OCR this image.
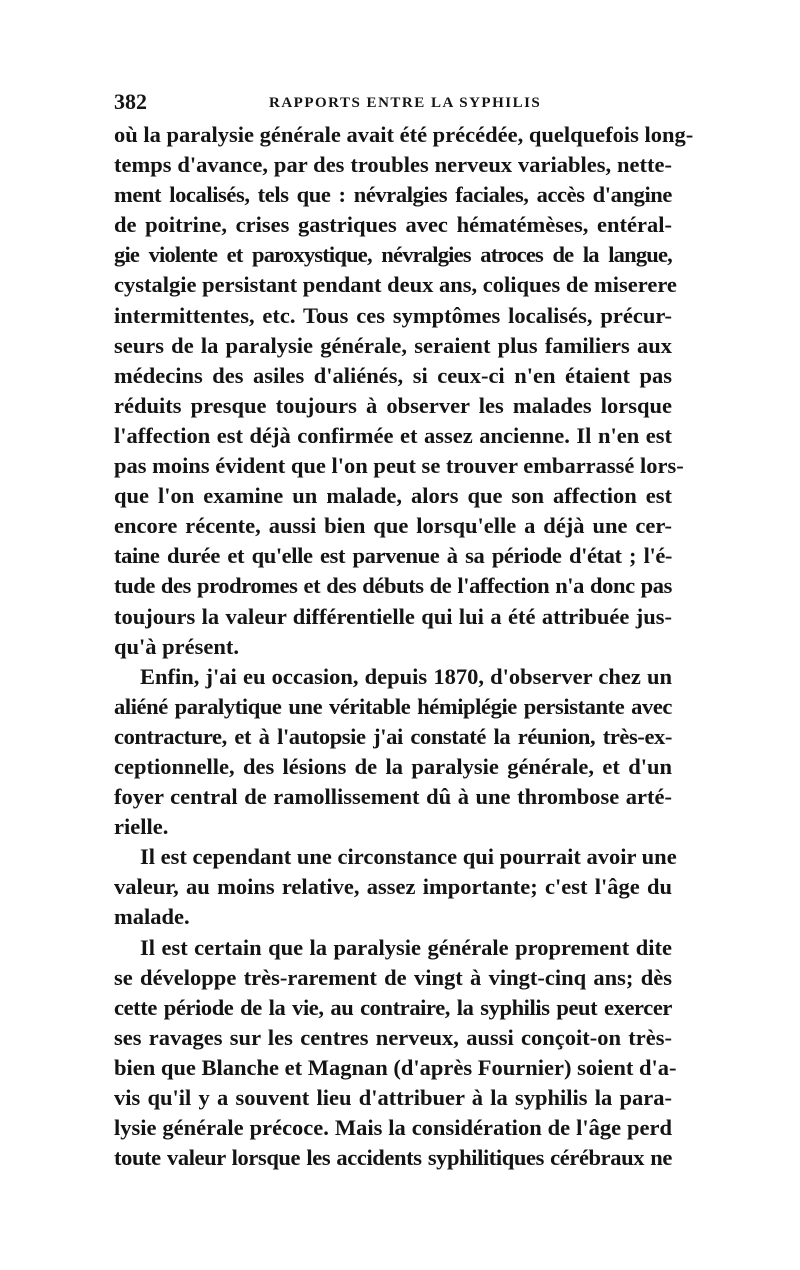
382	RAPPORTS ENTRE LA SYPHILIS
où la paralysie générale avait été précédée, quelquefois long-
temps d'avance, par des troubles nerveux variables, nette-
ment localisés, tels que : névralgies faciales, accès d'angine
de poitrine, crises gastriques avec hématémèses, entéral-
gie violente et paroxystique, névralgies atroces de la langue,
cystalgie persistant pendant deux ans, coliques de miserere
intermittentes, etc. Tous ces symptômes localisés, précur-
seurs de la paralysie générale, seraient plus familiers aux
médecins des asiles d'aliénés, si ceux-ci n'en étaient pas
réduits presque toujours à observer les malades lorsque
l'affection est déjà confirmée et assez ancienne. Il n'en est
pas moins évident que l'on peut se trouver embarrassé lors-
que l'on examine un malade, alors que son affection est
encore récente, aussi bien que lorsqu'elle a déjà une cer-
taine durée et qu'elle est parvenue à sa période d'état ; l'é-
tude des prodromes et des débuts de l'affection n'a donc pas
toujours la valeur différentielle qui lui a été attribuée jus-
qu'à présent.
Enfin, j'ai eu occasion, depuis 1870, d'observer chez un
aliéné paralytique une véritable hémiplégie persistante avec
contracture, et à l'autopsie j'ai constaté la réunion, très-ex-
ceptionnelle, des lésions de la paralysie générale, et d'un
foyer central de ramollissement dû à une thrombose arté-
rielle.
Il est cependant une circonstance qui pourrait avoir une
valeur, au moins relative, assez importante; c'est l'âge du
malade.
Il est certain que la paralysie générale proprement dite
se développe très-rarement de vingt à vingt-cinq ans; dès
cette période de la vie, au contraire, la syphilis peut exercer
ses ravages sur les centres nerveux, aussi conçoit-on très-
bien que Blanche et Magnan (d'après Fournier) soient d'a-
vis qu'il y a souvent lieu d'attribuer à la syphilis la para-
lysie générale précoce. Mais la considération de l'âge perd
toute valeur lorsque les accidents syphilitiques cérébraux ne
